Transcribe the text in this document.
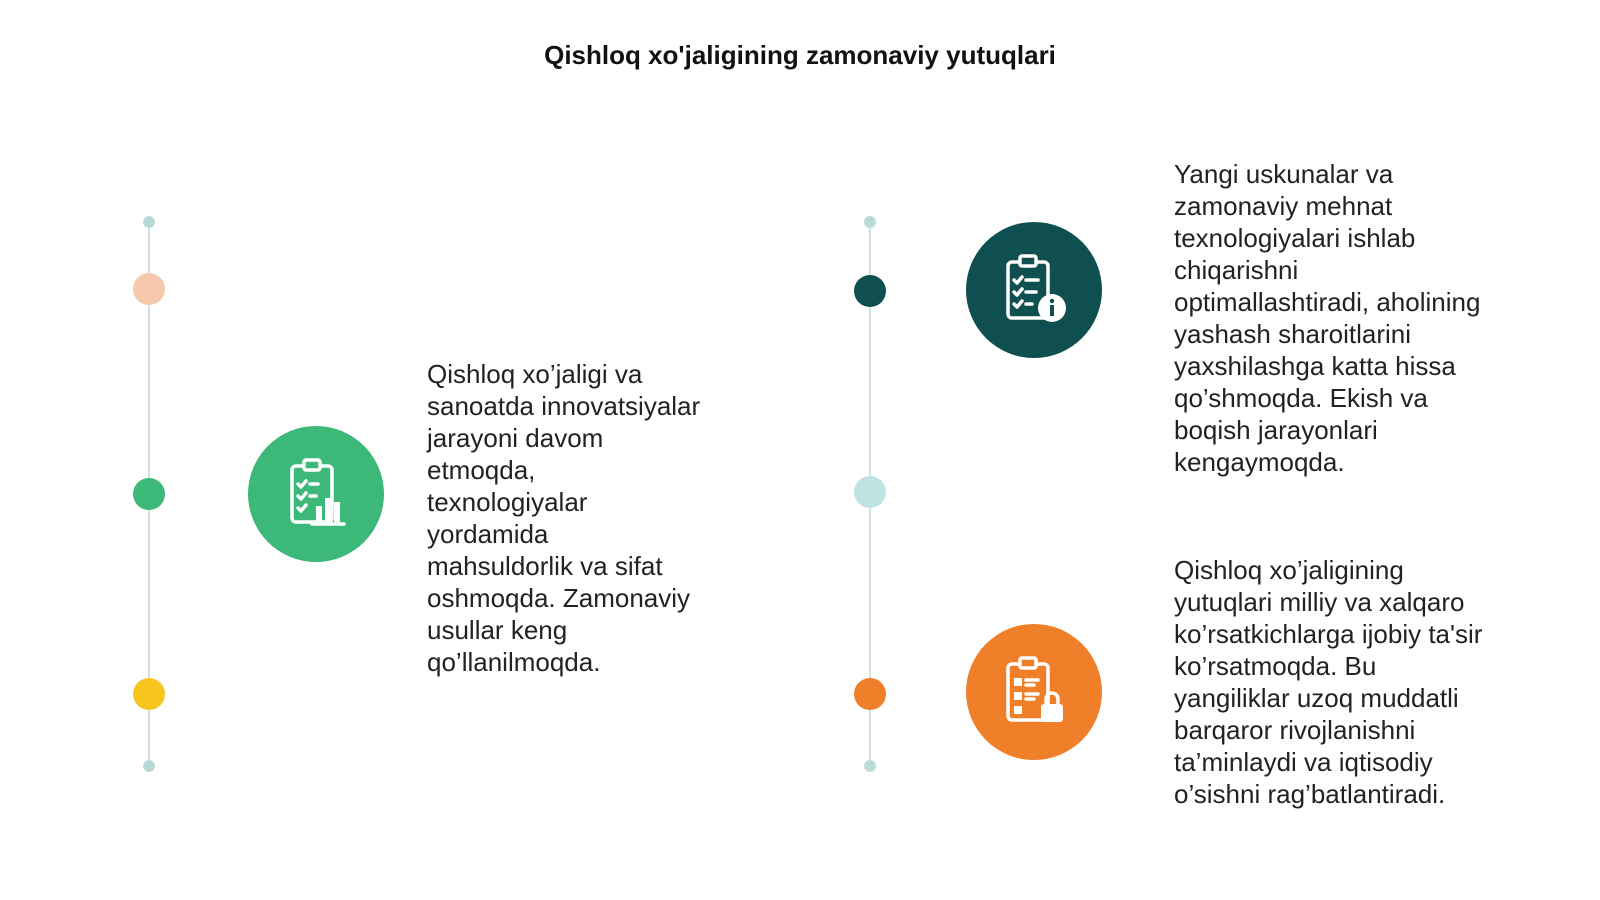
Qishloq xo'jaligining zamonaviy yutuqlari
Qishloq xo’jaligi va
sanoatda innovatsiyalar
jarayoni davom
etmoqda,
texnologiyalar
yordamida
mahsuldorlik va sifat
oshmoqda. Zamonaviy
usullar keng
qo’llanilmoqda.
Yangi uskunalar va
zamonaviy mehnat
texnologiyalari ishlab
chiqarishni
optimallashtiradi, aholining
yashash sharoitlarini
yaxshilashga katta hissa
qo’shmoqda. Ekish va
boqish jarayonlari
kengaymoqda.
Qishloq xo’jaligining
yutuqlari milliy va xalqaro
ko’rsatkichlarga ijobiy ta'sir
ko’rsatmoqda. Bu
yangiliklar uzoq muddatli
barqaror rivojlanishni
ta’minlaydi va iqtisodiy
o’sishni rag’batlantiradi.
